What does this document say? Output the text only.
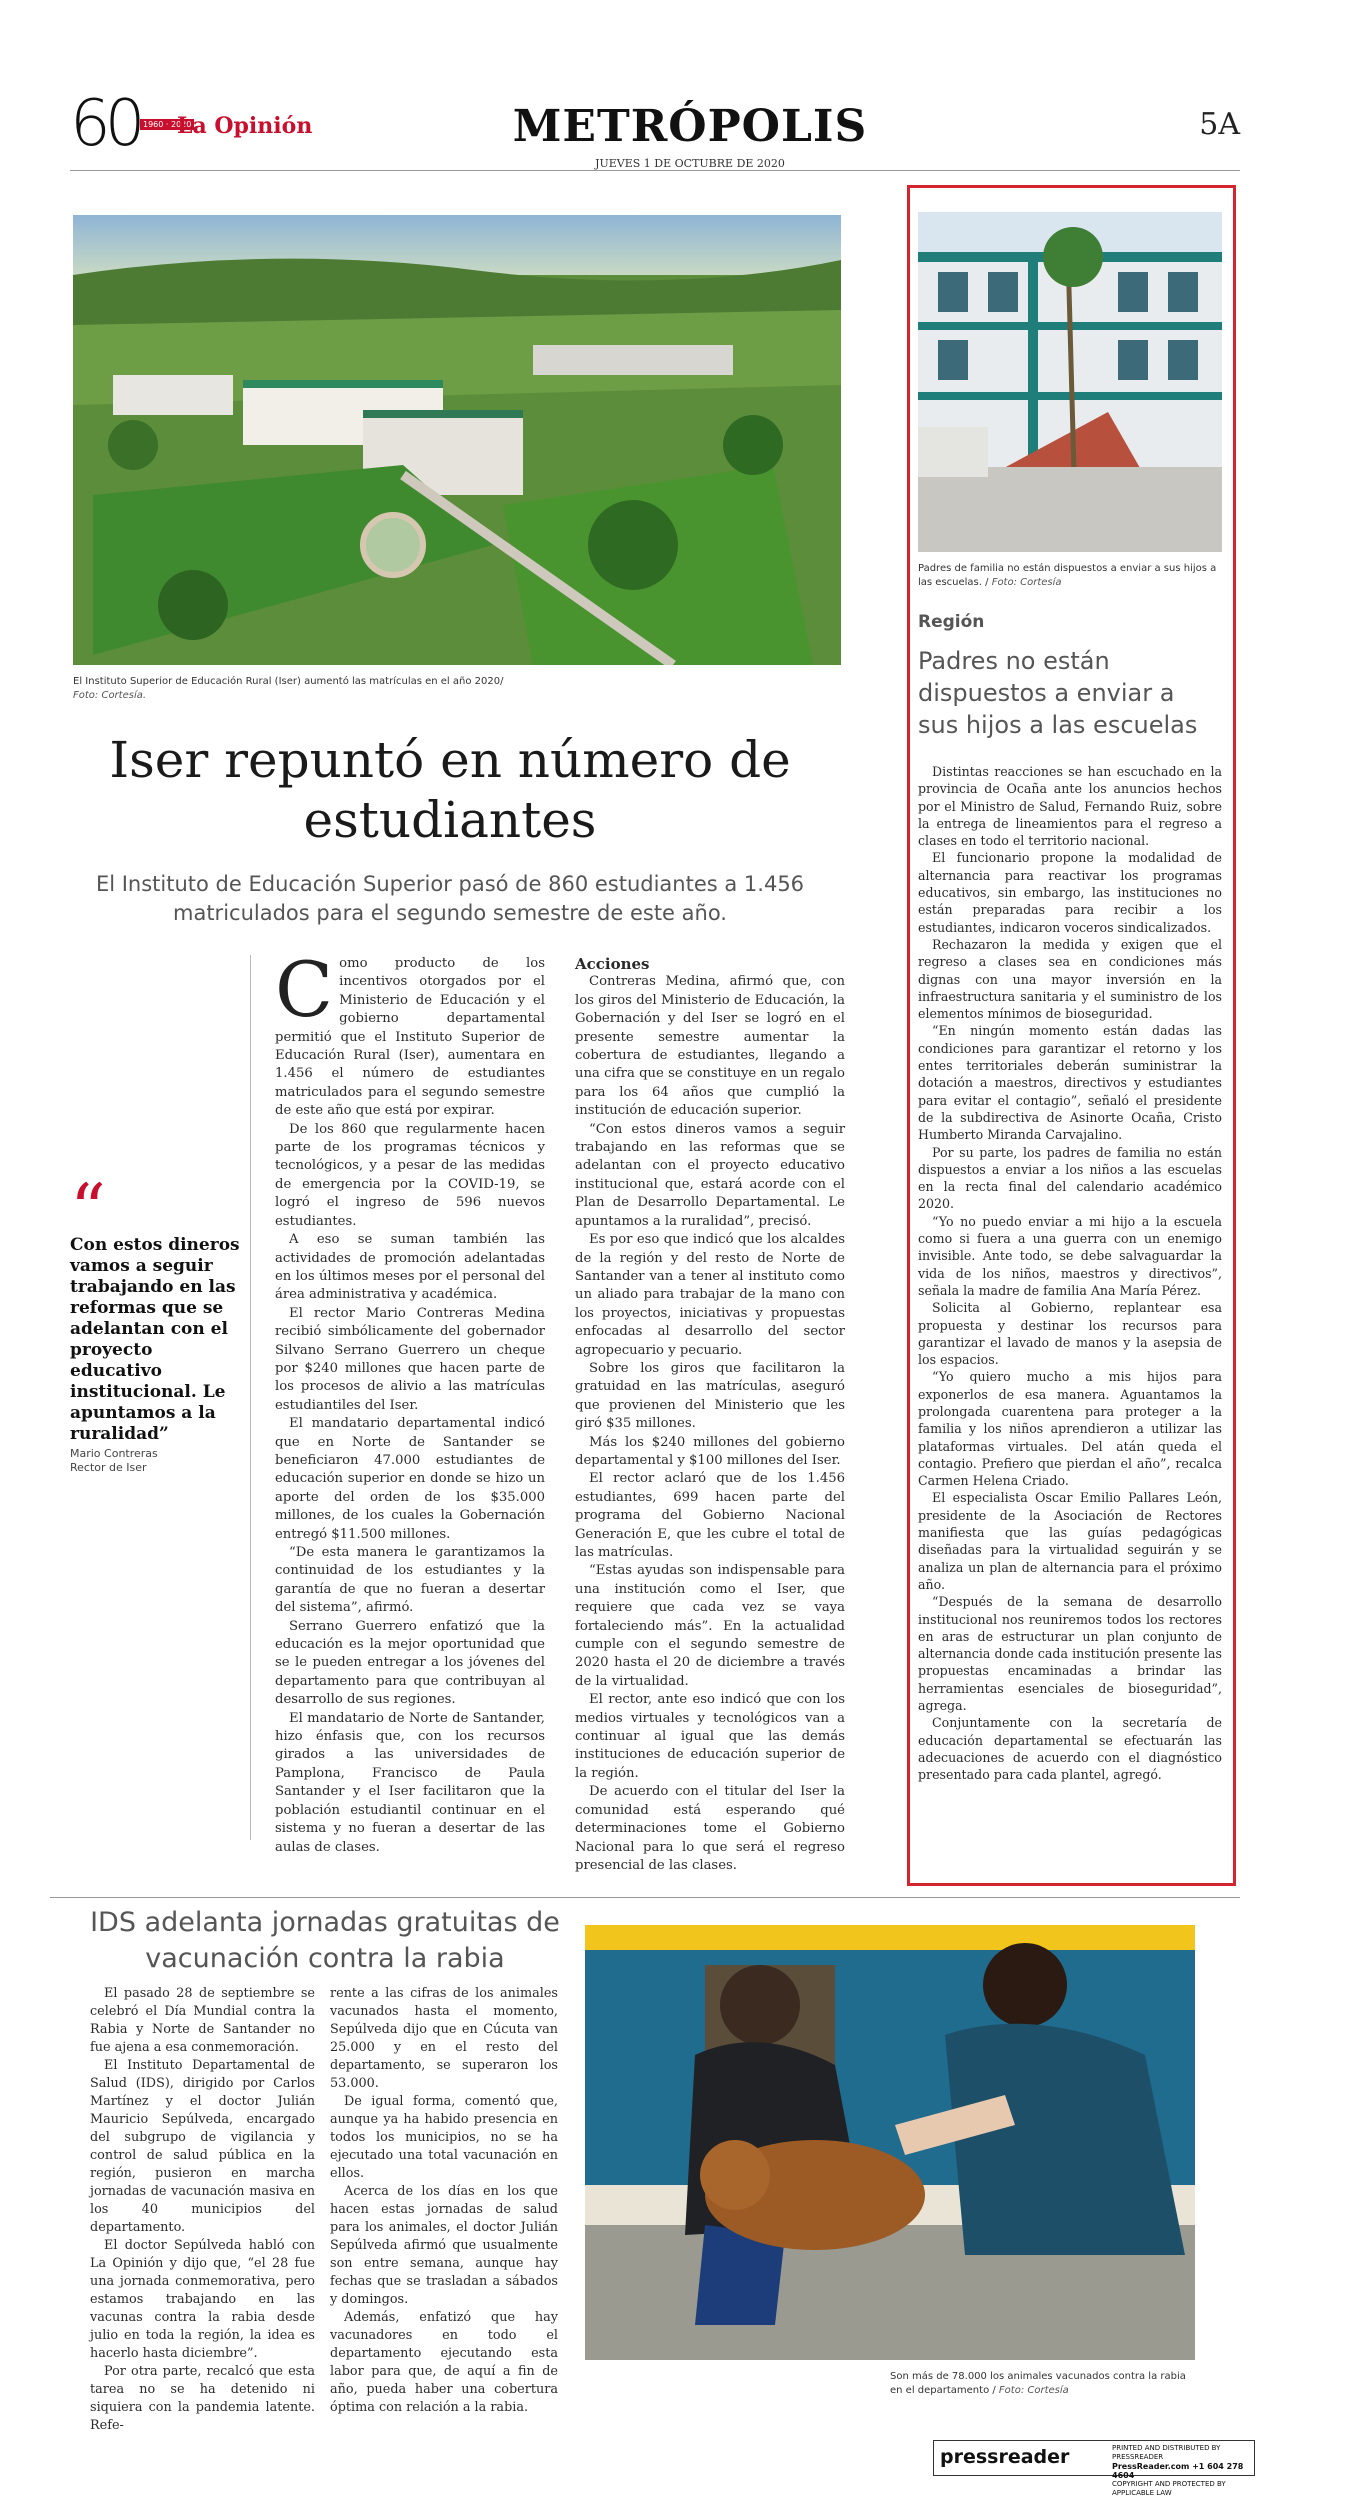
60 1960 · 2020
La Opinión	METRÓPOLIS
JUEVES 1 DE OCTUBRE DE 2020
5A
El Instituto Superior de Educación Rural (Iser) aumentó las matrículas en el año 2020/
Foto: Cortesía.
Iser repuntó en número de estudiantes
El Instituto de Educación Superior pasó de 860 estudiantes a 1.456 matriculados para el segundo semestre de este año.
“
Con estos dineros vamos a seguir trabajando en las reformas que se adelantan con el proyecto educativo institucional. Le apuntamos a la ruralidad”
Mario Contreras
Rector de Iser

Como producto de los incentivos otorgados por el Ministerio de Educación y el gobierno departamental permitió que el Instituto Superior de Educación Rural (Iser), aumentara en 1.456 el número de estudiantes matriculados para el segundo semestre de este año que está por expirar.

De los 860 que regularmente hacen parte de los programas técnicos y tecnológicos, y a pesar de las medidas de emergencia por la COVID-19, se logró el ingreso de 596 nuevos estudiantes.

A eso se suman también las actividades de promoción adelantadas en los últimos meses por el personal del área administrativa y académica.

El rector Mario Contreras Medina recibió simbólicamente del gobernador Silvano Serrano Guerrero un cheque por $240 millones que hacen parte de los procesos de alivio a las matrículas estudiantiles del Iser.

El mandatario departamental indicó que en Norte de Santander se beneficiaron 47.000 estudiantes de educación superior en donde se hizo un aporte del orden de los $35.000 millones, de los cuales la Gobernación entregó $11.500 millones.

“De esta manera le garantizamos la continuidad de los estudiantes y la garantía de que no fueran a desertar del sistema”, afirmó.

Serrano Guerrero enfatizó que la educación es la mejor oportunidad que se le pueden entregar a los jóvenes del departamento para que contribuyan al desarrollo de sus regiones.

El mandatario de Norte de Santander, hizo énfasis que, con los recursos girados a las universidades de Pamplona, Francisco de Paula Santander y el Iser facilitaron que la población estudiantil continuar en el sistema y no fueran a desertar de las aulas de clases.

Acciones

Contreras Medina, afirmó que, con los giros del Ministerio de Educación, la Gobernación y del Iser se logró en el presente semestre aumentar la cobertura de estudiantes, llegando a una cifra que se constituye en un regalo para los 64 años que cumplió la institución de educación superior.

“Con estos dineros vamos a seguir trabajando en las reformas que se adelantan con el proyecto educativo institucional que, estará acorde con el Plan de Desarrollo Departamental. Le apuntamos a la ruralidad”, precisó.

Es por eso que indicó que los alcaldes de la región y del resto de Norte de Santander van a tener al instituto como un aliado para trabajar de la mano con los proyectos, iniciativas y propuestas enfocadas al desarrollo del sector agropecuario y pecuario.

Sobre los giros que facilitaron la gratuidad en las matrículas, aseguró que provienen del Ministerio que les giró $35 millones.

Más los $240 millones del gobierno departamental y $100 millones del Iser.

El rector aclaró que de los 1.456 estudiantes, 699 hacen parte del programa del Gobierno Nacional Generación E, que les cubre el total de las matrículas.

“Estas ayudas son indispensable para una institución como el Iser, que requiere que cada vez se vaya fortaleciendo más”. En la actualidad cumple con el segundo semestre de 2020 hasta el 20 de diciembre a través de la virtualidad.

El rector, ante eso indicó que con los medios virtuales y tecnológicos van a continuar al igual que las demás instituciones de educación superior de la región.

De acuerdo con el titular del Iser la comunidad está esperando qué determinaciones tome el Gobierno Nacional para lo que será el regreso presencial de las clases.

Padres de familia no están dispuestos a enviar a sus hijos a las escuelas. / Foto: Cortesía
Región
Padres no están dispuestos a enviar a sus hijos a las escuelas

Distintas reacciones se han escuchado en la provincia de Ocaña ante los anuncios hechos por el Ministro de Salud, Fernando Ruiz, sobre la entrega de lineamientos para el regreso a clases en todo el territorio nacional.

El funcionario propone la modalidad de alternancia para reactivar los programas educativos, sin embargo, las instituciones no están preparadas para recibir a los estudiantes, indicaron voceros sindicalizados.

Rechazaron la medida y exigen que el regreso a clases sea en condiciones más dignas con una mayor inversión en la infraestructura sanitaria y el suministro de los elementos mínimos de bioseguridad.

“En ningún momento están dadas las condiciones para garantizar el retorno y los entes territoriales deberán suministrar la dotación a maestros, directivos y estudiantes para evitar el contagio”, señaló el presidente de la subdirectiva de Asinorte Ocaña, Cristo Humberto Miranda Carvajalino.

Por su parte, los padres de familia no están dispuestos a enviar a los niños a las escuelas en la recta final del calendario académico 2020.

“Yo no puedo enviar a mi hijo a la escuela como si fuera a una guerra con un enemigo invisible. Ante todo, se debe salvaguardar la vida de los niños, maestros y directivos”, señala la madre de familia Ana María Pérez.

Solicita al Gobierno, replantear esa propuesta y destinar los recursos para garantizar el lavado de manos y la asepsia de los espacios.

“Yo quiero mucho a mis hijos para exponerlos de esa manera. Aguantamos la prolongada cuarentena para proteger a la familia y los niños aprendieron a utilizar las plataformas virtuales. Del atán queda el contagio. Prefiero que pierdan el año”, recalca Carmen Helena Criado.

El especialista Oscar Emilio Pallares León, presidente de la Asociación de Rectores manifiesta que las guías pedagógicas diseñadas para la virtualidad seguirán y se analiza un plan de alternancia para el próximo año.

“Después de la semana de desarrollo institucional nos reuniremos todos los rectores en aras de estructurar un plan conjunto de alternancia donde cada institución presente las propuestas encaminadas a brindar las herramientas esenciales de bioseguridad”, agrega.

Conjuntamente con la secretaría de educación departamental se efectuarán las adecuaciones de acuerdo con el diagnóstico presentado para cada plantel, agregó.

IDS adelanta jornadas gratuitas de vacunación contra la rabia

El pasado 28 de septiembre se celebró el Día Mundial contra la Rabia y Norte de Santander no fue ajena a esa conmemoración.

El Instituto Departamental de Salud (IDS), dirigido por Carlos Martínez y el doctor Julián Mauricio Sepúlveda, encargado del subgrupo de vigilancia y control de salud pública en la región, pusieron en marcha jornadas de vacunación masiva en los 40 municipios del departamento.

El doctor Sepúlveda habló con La Opinión y dijo que, “el 28 fue una jornada conmemorativa, pero estamos trabajando en las vacunas contra la rabia desde julio en toda la región, la idea es hacerlo hasta diciembre”.

Por otra parte, recalcó que esta tarea no se ha detenido ni siquiera con la pandemia latente. Refe-

rente a las cifras de los animales vacunados hasta el momento, Sepúlveda dijo que en Cúcuta van 25.000 y en el resto del departamento, se superaron los 53.000.

De igual forma, comentó que, aunque ya ha habido presencia en todos los municipios, no se ha ejecutado una total vacunación en ellos.

Acerca de los días en los que hacen estas jornadas de salud para los animales, el doctor Julián Sepúlveda afirmó que usualmente son entre semana, aunque hay fechas que se trasladan a sábados y domingos.

Además, enfatizó que hay vacunadores en todo el departamento ejecutando esta labor para que, de aquí a fin de año, pueda haber una cobertura óptima con relación a la rabia.

Son más de 78.000 los animales vacunados contra la rabia en el departamento / Foto: Cortesía
pressreader	PRINTED AND DISTRIBUTED BY PRESSREADER
PressReader.com +1 604 278 4604
COPYRIGHT AND PROTECTED BY APPLICABLE LAW
